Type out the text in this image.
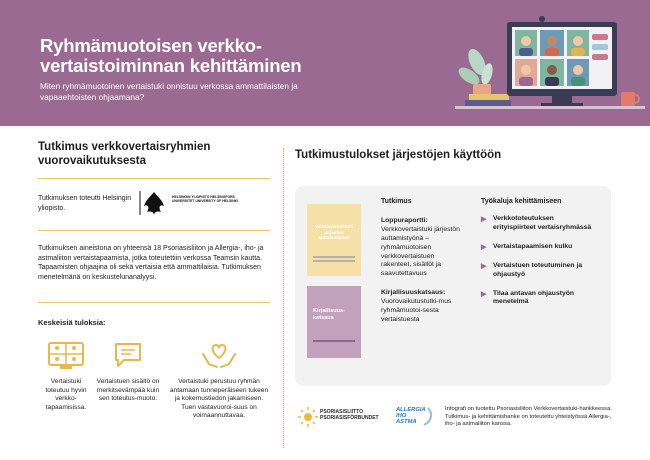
Ryhmämuotoisen verkko-vertaistoiminnan kehittäminen

Miten ryhmämuotoinen vertaistuki onnistuu verkossa ammattilaisten ja vapaaehtoisten ohjaamana?

Tutkimus verkkovertaisryhmien vuorovaikutuksesta

Tutkimuksen toteutti Helsingin yliopisto.

HELSINGIN YLIOPISTO HELSINGFORS UNIVERSITET UNIVERSITY OF HELSINKI

Tutkimuksen aineistona on yhteensä 18 Psoriasisliiton ja Allergia-, iho- ja astmaliiton vertaistapaamista, jotka toteutettiin verkossa Teamsin kautta. Tapaamisten ohjaajina oli sekä vertaisia että ammattilaisia. Tutkimuksen menetelmänä on keskustelunanalyysi.

Keskeisiä tuloksia:

Vertaistuki toteutuu hyvin verkko-tapaamisissa.
Vertaistuen sisältö on merkitsevämpää kuin sen toteutus-muoto.
Vertaistuki perustuu ryhmän antamaan tunneperäiseen tukeen ja kokemustiedon jakamiseen. Tuen vastavuoroi-suus on voimaannuttavaa.
Tutkimustulokset järjestöjen käyttöön
Verkkovertaistuki järjestön auttamistyönä
Kirjallisuus-katsaus
Tutkimus
Loppuraportti:
Verkkovertaistuki järjestön auttamistyönä – ryhmämuotoisen verkkovertaistuen rakenteet, sisällöt ja saavutettavuus
Kirjallisuuskatsaus:
Vuorovaikutustutki-mus ryhmämuotoi-sesta vertaistuesta
Työkaluja kehittämiseen
▶ Verkkototeutuksen erityispiirteet vertaisryhmässä
▶ Vertaistapaamisen kulku
▶ Vertaistuen toteutuminen ja ohjaustyö
▶ Tilaa antavan ohjaustyön menetelmä
PSORIASISLIITTO PSORIASISFÖRBUNDET
ALLERGIA IHO ASTMA

Infografi on tuotettu Psoriasisliiton Verkkovertaistuki-hankkeessa. Tutkimus- ja kehittämishanke on toteutettu yhteistyössä Allergia-, iho- ja astmaliiton kanssa.
